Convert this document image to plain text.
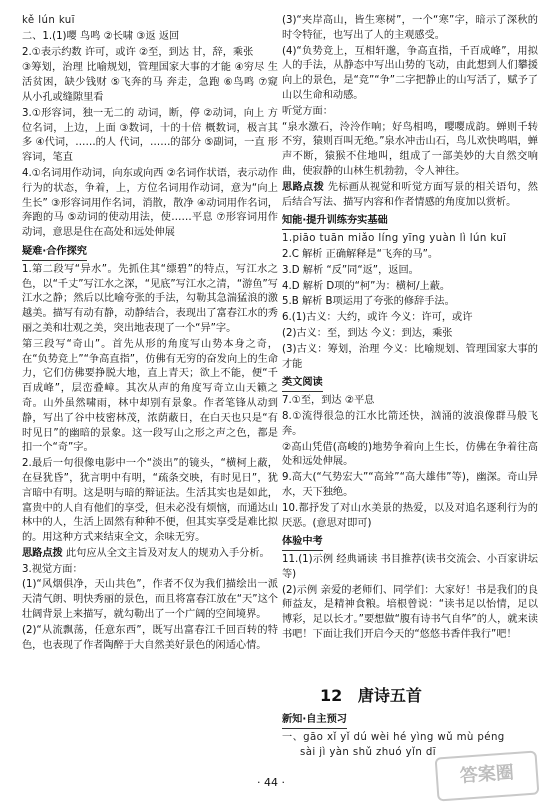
kě lún kuī

二、1.(1)嘤 鸟鸣 ②长啸 ③返 返回

2.①表示约数 许可，或许 ②至，到达 甘，辞，乘张

③筹划，治理 比喻规划，管理国家大事的才能 ④穷尽 生活贫困，缺少钱财 ⑤飞奔的马 奔走，急跑 ⑥鸟鸣 ⑦窥 从小孔或缝隙里看

3.①形容词，独一无二的 动词，断，停 ②动词，向上 方位名词，上边，上面 ③数词，十的十倍 概数词，极言其多 ④代词，……的人 代词，……的部分 ⑤副词，一直 形容词，笔直

4.①名词用作动词，向东或向西 ②名词作状语，表示动作行为的状态，争着，上，方位名词用作动词，意为“向上生长” ③形容词用作名词，消散，散净 ④动词用作名词，奔跑的马 ⑤动词的使动用法，使……平息 ⑦形容词用作动词，意思是住在高处和远处伸展

疑难·合作探究

1.第二段写“异水”。先抓住其“缥碧”的特点，写江水之色，以“千丈”写江水之深，“见底”写江水之清，“游鱼”写江水之静；然后以比喻夸张的手法，勾勒其急湍猛浪的激越美。描写有动有静，动静结合，表现出了富春江水的秀丽之美和壮观之美，突出地表现了一个“异”字。

第三段写“奇山”。首先从形的角度写山势本身之奇，在“负势竞上”“争高直指”，仿佛有无穷的奋发向上的生命力，它们仿佛要挣脱大地，直上青天；欲上不能，便“千百成峰”，层峦叠嶂。其次从声的角度写奇立山天籁之奇。山外虽然啸雨，林中却别有景象。作者笔锋从动到静，写出了谷中枝密林茂，浓荫蔽日，在白天也只是“有时见日”的幽暗的景象。这一段写山之形之声之色，都是扣一个“奇”字。

2.最后一句很像电影中一个“淡出”的镜头，“横柯上蔽，在昼犹昏”，犹言明中有明，“疏条交映，有时见日”，犹言暗中有明。这是明与暗的辩证法。生活其实也是如此，富贵中的人自有他们的享受，但未必没有烦恼，而通达山林中的人，生活上固然有种种不便，但其实享受是难比拟的。用这种方式来结束全文，余味无穷。

思路点拨 此句应从全文主旨及对友人的规劝入手分析。

3.视觉方面：

(1)“风烟俱净，天山共色”，作者不仅为我们描绘出一派天清气朗、明快秀丽的景色，而且将富春江放在“天”这个壮阔背景上来描写，就勾勒出了一个广阔的空间境界。

(2)“从流飘荡，任意东西”，既写出富春江千回百转的特色，也表现了作者陶醉于大自然美好景色的闲适心情。

(3)“夹岸高山，皆生寒树”，一个“寒”字，暗示了深秋的时令特征，也写出了人的主观感受。

(4)“负势竞上，互相轩邈，争高直指，千百成峰”，用拟人的手法，从静态中写出山势的飞动，由此想到人们攀援向上的景色，是“竞”“争”二字把静止的山写活了，赋予了山以生命和动感。

听觉方面：

“泉水激石，泠泠作响；好鸟相鸣，嘤嘤成韵。蝉则千转不穷，猿则百叫无绝。”泉水冲击山石，鸟儿欢快鸣唱，蝉声不断，猿猴不住地叫，组成了一部美妙的大自然交响曲，使寂静的山林生机勃勃，令人神往。

思路点拨 先标画从视觉和听觉方面写景的相关语句，然后结合写法、描写内容和作者情感的角度加以赏析。

知能·提升训练夯实基础

1.piāo tuān miǎo líng yīng yuàn lì lún kuī

2.C 解析 正确解释是“飞奔的马”。

3.D 解析 “反”同“返”，返回。

4.D 解析 D项的“柯”为：横柯/上蔽。

5.B 解析 B项运用了夸张的修辞手法。

6.(1)古义：大约，或许 今义：许可，或许

(2)古义：至，到达 今义：到达，乘张

(3)古义：筹划，治理 今义：比喻规划、管理国家大事的才能

类文阅读

7.①至，到达 ②平息

8.①流得很急的江水比箭还快，汹涌的波浪像群马般飞奔。

②高山凭借(高峻的)地势争着向上生长，仿佛在争着往高处和远处伸展。

9.高大(“气势宏大”“高耸”“高大雄伟”等)，幽深。奇山异水，天下独绝。

10.都抒发了对山水美景的热爱，以及对追名逐利行为的厌恶。(意思对即可)

体验中考

11.(1)示例 经典诵读 书目推荐(读书交流会、小百家讲坛等)

(2)示例 亲爱的老师们、同学们：大家好！书是我们的良师益友，是精神食粮。培根曾说：“读书足以怡情，足以博彩，足以长才。”要想做“腹有诗书气自华”的人，就来读书吧！下面让我们开启今天的“悠悠书香伴我行”吧！

12 唐诗五首
新知·自主预习
一、gāo xǐ yǐ dú wèi hé yìng wǔ mù péng
sài jì yàn shǔ zhuó yǐn dī
· 44 ·	答案圈
